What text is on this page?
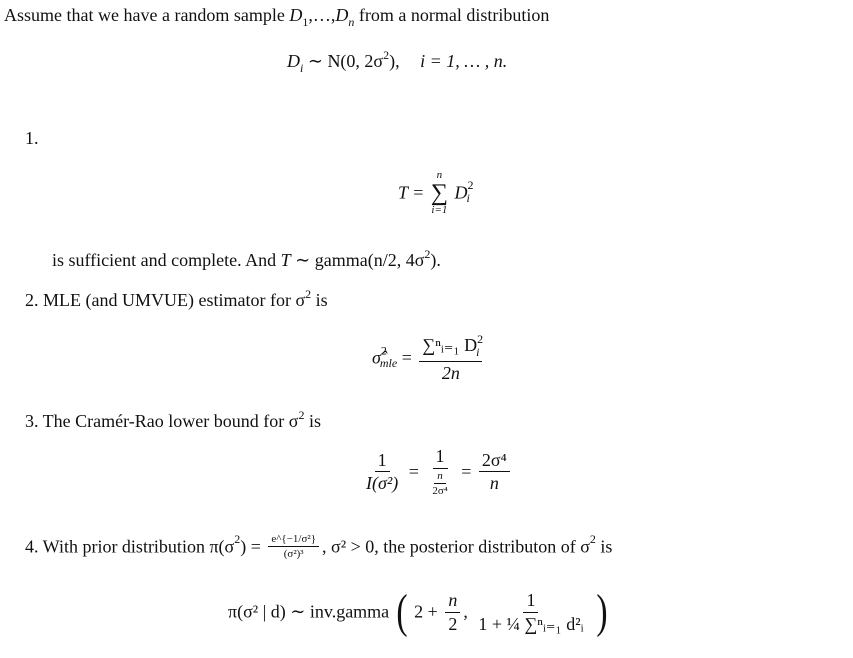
Assume that we have a random sample $D_1,\dots,D_n$ from a normal distribution
$D_i$ ∼ N(0, $2\sigma^2$), i = 1, … , n.
1.
T =
n
∑
i=1
$D^2_i$
is sufficient and complete. And T ∼ gamma(n/2, $4\sigma^2$).
2. MLE (and UMVUE) estimator for $\sigma^2$ is
σ̂$^2_{mle}$ = $\frac{\sum^nᵢ_{=1} D^2_i}{2n}$
3. The Cramér-Rao lower bound for $\sigma^2$ is
$\frac{1}{\text{I(σ²)}} = \frac{1}{\frac{n}{\text{2σ⁴}}} = \frac{\text{2σ⁴}}{n}$
4. With prior distribution $\pi(\sigma^2) = \frac{\text{e\textasciicircum{}\{−1/σ²\}}}{\text{(σ²)³}}$ , σ² > 0, the posterior distributon of $\sigma^2$ is
π(σ² | d) ∼ inv.gamma ( $2 + \frac{n}{2}$ , $\frac{1}{\text{1 + ¼ ∑ⁿᵢ₌₁ d²ᵢ}}$ )
